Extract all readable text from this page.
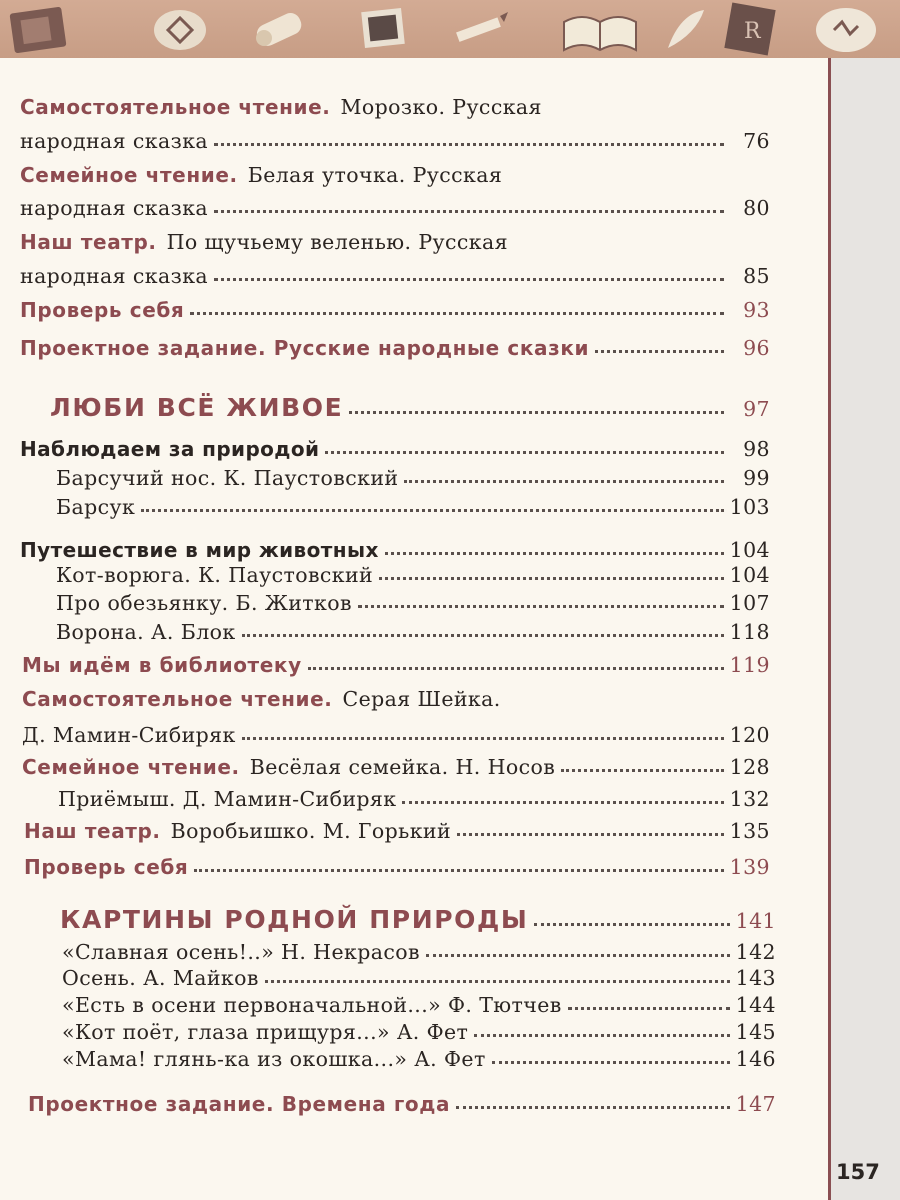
R
157
Самостоятельное чтение. Морозко. Русская
народная сказка	76
Семейное чтение. Белая уточка. Русская
народная сказка	80
Наш театр. По щучьему веленью. Русская
народная сказка	85
Проверь себя	93
Проектное задание. Русские народные сказки	96
ЛЮБИ ВСЁ ЖИВОЕ	97
Наблюдаем за природой	98
Барсучий нос. К. Паустовский	99
Барсук	103
Путешествие в мир животных	104
Кот-ворюга. К. Паустовский	104
Про обезьянку. Б. Житков	107
Ворона. А. Блок	118
Мы идём в библиотеку	119
Самостоятельное чтение. Серая Шейка.
Д. Мамин-Сибиряк	120
Семейное чтение. Весёлая семейка. Н. Носов	128
Приёмыш. Д. Мамин-Сибиряк	132
Наш театр. Воробьишко. М. Горький	135
Проверь себя	139
КАРТИНЫ РОДНОЙ ПРИРОДЫ	141
«Славная осень!..» Н. Некрасов	142
Осень. А. Майков	143
«Есть в осени первоначальной...» Ф. Тютчев	144
«Кот поёт, глаза прищуря...» А. Фет	145
«Мама! глянь-ка из окошка...» А. Фет	146
Проектное задание. Времена года	147
